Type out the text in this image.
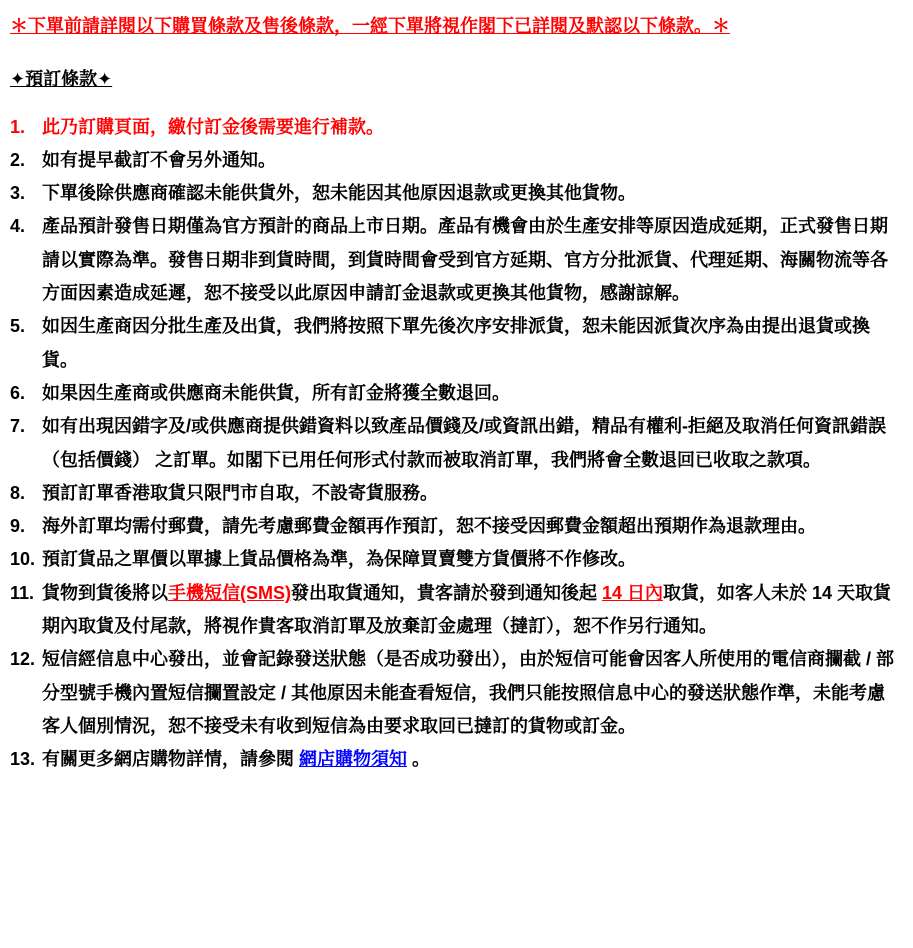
＊下單前請詳閱以下購買條款及售後條款，一經下單將視作閣下已詳閱及默認以下條款。＊
✦預訂條款✦
1. 此乃訂購頁面，繳付訂金後需要進行補款。
2. 如有提早截訂不會另外通知。
3. 下單後除供應商確認未能供貨外，恕未能因其他原因退款或更換其他貨物。
4. 產品預計發售日期僅為官方預計的商品上市日期。產品有機會由於生產安排等原因造成延期，正式發售日期請以實際為準。發售日期非到貨時間，到貨時間會受到官方延期、官方分批派貨、代理延期、海關物流等各方面因素造成延遲，恕不接受以此原因申請訂金退款或更換其他貨物，感謝諒解。
5. 如因生產商因分批生產及出貨，我們將按照下單先後次序安排派貨，恕未能因派貨次序為由提出退貨或換貨。
6. 如果因生產商或供應商未能供貨，所有訂金將獲全數退回。
7. 如有出現因錯字及/或供應商提供錯資料以致產品價錢及/或資訊出錯，精品有權利-拒絕及取消任何資訊錯誤（包括價錢） 之訂單。如閣下已用任何形式付款而被取消訂單，我們將會全數退回已收取之款項。
8. 預訂訂單香港取貨只限門市自取，不設寄貨服務。
9. 海外訂單均需付郵費，請先考慮郵費金額再作預訂，恕不接受因郵費金額超出預期作為退款理由。
10. 預訂貨品之單價以單據上貨品價格為準，為保障買賣雙方貨價將不作修改。
11. 貨物到貨後將以手機短信(SMS)發出取貨通知，貴客請於發到通知後起 14 日內取貨，如客人未於 14 天取貨期內取貨及付尾款，將視作貴客取消訂單及放棄訂金處理（撻訂），恕不作另行通知。
12. 短信經信息中心發出，並會記錄發送狀態（是否成功發出），由於短信可能會因客人所使用的電信商攔截 / 部分型號手機內置短信攔置設定 / 其他原因未能查看短信，我們只能按照信息中心的發送狀態作準，未能考慮客人個別情況，恕不接受未有收到短信為由要求取回已撻訂的貨物或訂金。
13. 有關更多網店購物詳情，請參閱 網店購物須知 。
